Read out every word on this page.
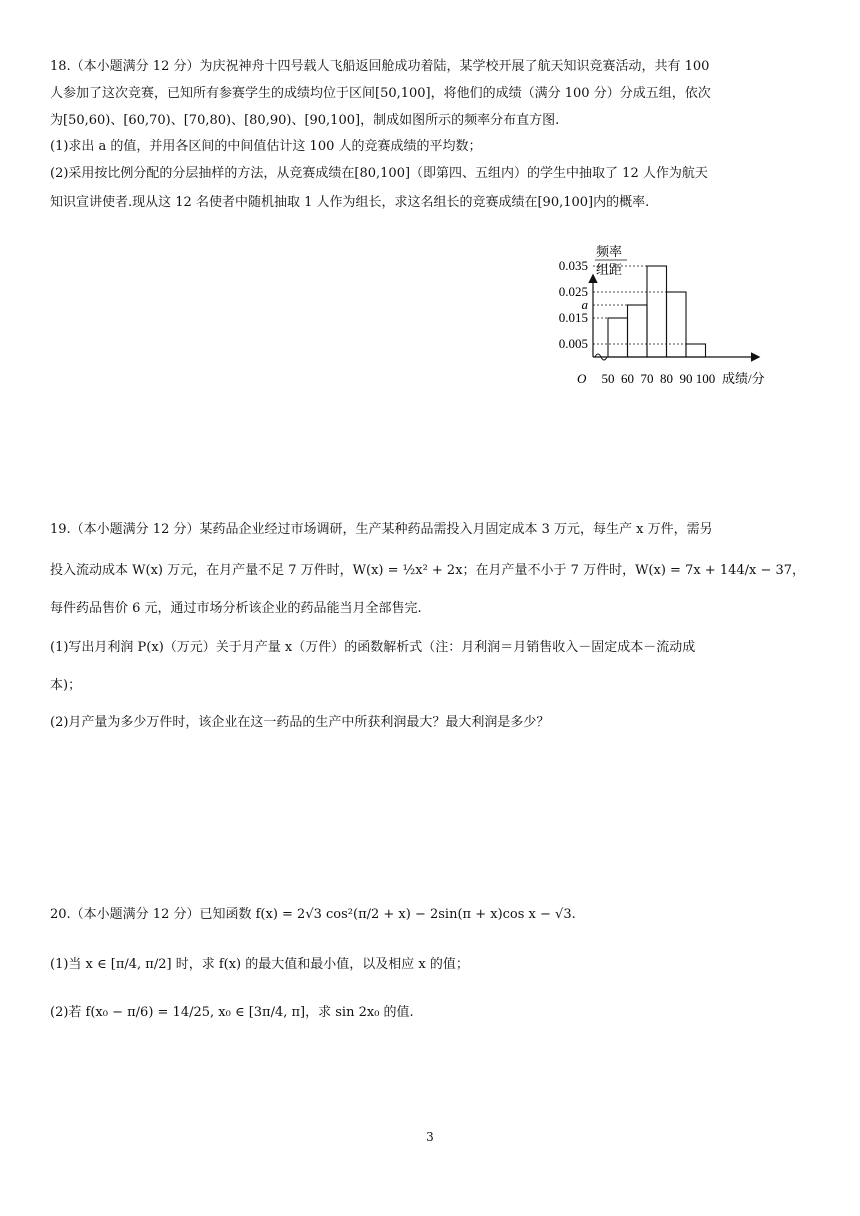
18.（本小题满分 12 分）为庆祝神舟十四号载人飞船返回舱成功着陆，某学校开展了航天知识竞赛活动，共有 100
人参加了这次竞赛，已知所有参赛学生的成绩均位于区间[50,100]，将他们的成绩（满分 100 分）分成五组，依次
为[50,60)、[60,70)、[70,80)、[80,90)、[90,100]，制成如图所示的频率分布直方图.
(1)求出 a 的值，并用各区间的中间值估计这 100 人的竞赛成绩的平均数；
(2)采用按比例分配的分层抽样的方法，从竞赛成绩在[80,100]（即第四、五组内）的学生中抽取了 12 人作为航天
知识宣讲使者.现从这 12 名使者中随机抽取 1 人作为组长，求这名组长的竞赛成绩在[90,100]内的概率.
频率
组距
O
0.035
0.025
a
0.015
0.005
50 60 70 80 90 100 成绩/分
19.（本小题满分 12 分）某药品企业经过市场调研，生产某种药品需投入月固定成本 3 万元，每生产 x 万件，需另
投入流动成本 W(x) 万元，在月产量不足 7 万件时，W(x) = ½x² + 2x；在月产量不小于 7 万件时，W(x) = 7x + 144/x − 37，
每件药品售价 6 元，通过市场分析该企业的药品能当月全部售完.
(1)写出月利润 P(x)（万元）关于月产量 x（万件）的函数解析式（注：月利润＝月销售收入－固定成本－流动成
本)；
(2)月产量为多少万件时，该企业在这一药品的生产中所获利润最大？最大利润是多少？
20.（本小题满分 12 分）已知函数 f(x) = 2√3 cos²(π/2 + x) − 2sin(π + x)cos x − √3.
(1)当 x ∈ [π/4, π/2] 时，求 f(x) 的最大值和最小值，以及相应 x 的值；
(2)若 f(x₀ − π/6) = 14/25, x₀ ∈ [3π/4, π]，求 sin 2x₀ 的值.
3
